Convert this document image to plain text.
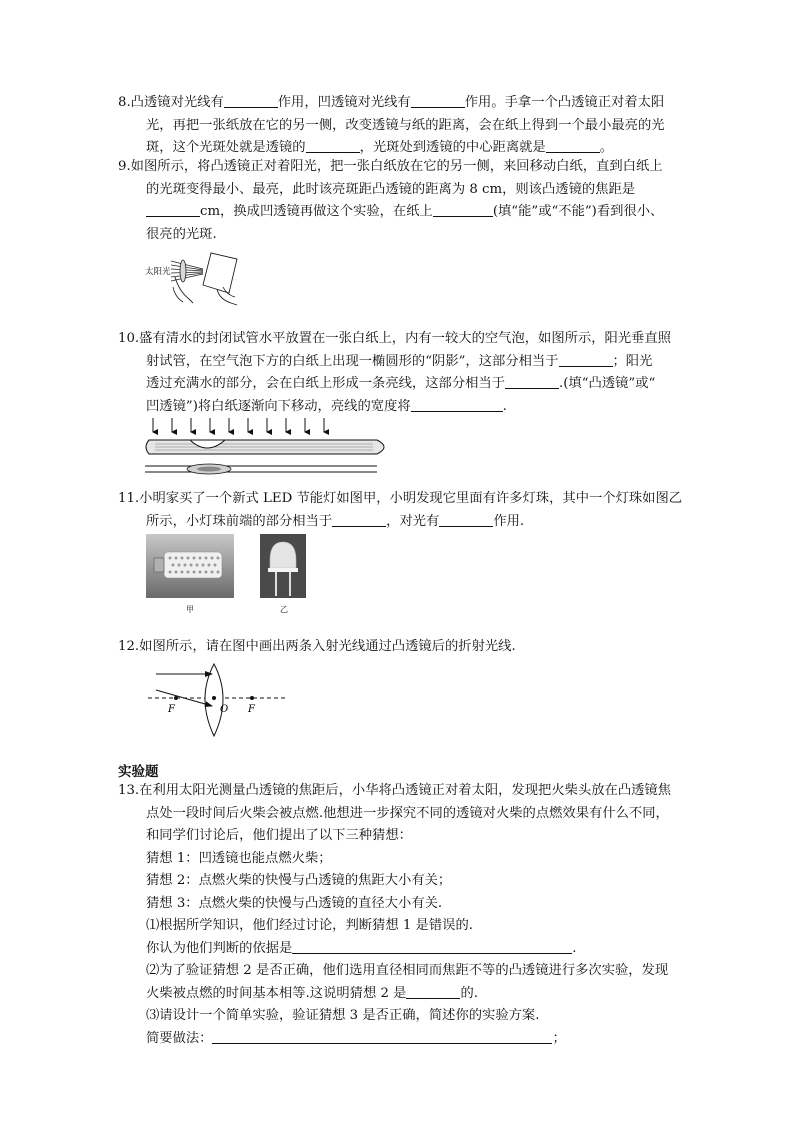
8.凸透镜对光线有	作用，凹透镜对光线有	作用。手拿一个凸透镜正对着太阳
光，再把一张纸放在它的另一侧，改变透镜与纸的距离，会在纸上得到一个最小最亮的光
斑，这个光斑处就是透镜的	，光斑处到透镜的中心距离就是	。
9.如图所示，将凸透镜正对着阳光，把一张白纸放在它的另一侧，来回移动白纸，直到白纸上
的光斑变得最小、最亮，此时该亮斑距凸透镜的距离为 8 cm，则该凸透镜的焦距是
cm，换成凹透镜再做这个实验，在纸上	(填“能”或“不能”)看到很小、
很亮的光斑.
太阳光
10.盛有清水的封闭试管水平放置在一张白纸上，内有一较大的空气泡，如图所示，阳光垂直照
射试管，在空气泡下方的白纸上出现一椭圆形的“阴影”，这部分相当于	；阳光
透过充满水的部分，会在白纸上形成一条亮线，这部分相当于	.(填“凸透镜”或“
凹透镜”)将白纸逐渐向下移动，亮线的宽度将	.
11.小明家买了一个新式 LED 节能灯如图甲，小明发现它里面有许多灯珠，其中一个灯珠如图乙
所示，小灯珠前端的部分相当于	，对光有	作用.
甲	乙
12.如图所示，请在图中画出两条入射光线通过凸透镜后的折射光线.
F	O F
实验题
13.在利用太阳光测量凸透镜的焦距后，小华将凸透镜正对着太阳，发现把火柴头放在凸透镜焦
点处一段时间后火柴会被点燃.他想进一步探究不同的透镜对火柴的点燃效果有什么不同，
和同学们讨论后，他们提出了以下三种猜想：
猜想 1：凹透镜也能点燃火柴；
猜想 2：点燃火柴的快慢与凸透镜的焦距大小有关；
猜想 3：点燃火柴的快慢与凸透镜的直径大小有关.
⑴根据所学知识，他们经过讨论，判断猜想 1 是错误的.
你认为他们判断的依据是	.
⑵为了验证猜想 2 是否正确，他们选用直径相同而焦距不等的凸透镜进行多次实验，发现
火柴被点燃的时间基本相等.这说明猜想 2 是	的.
⑶请设计一个简单实验，验证猜想 3 是否正确，简述你的实验方案.
简要做法：	；
